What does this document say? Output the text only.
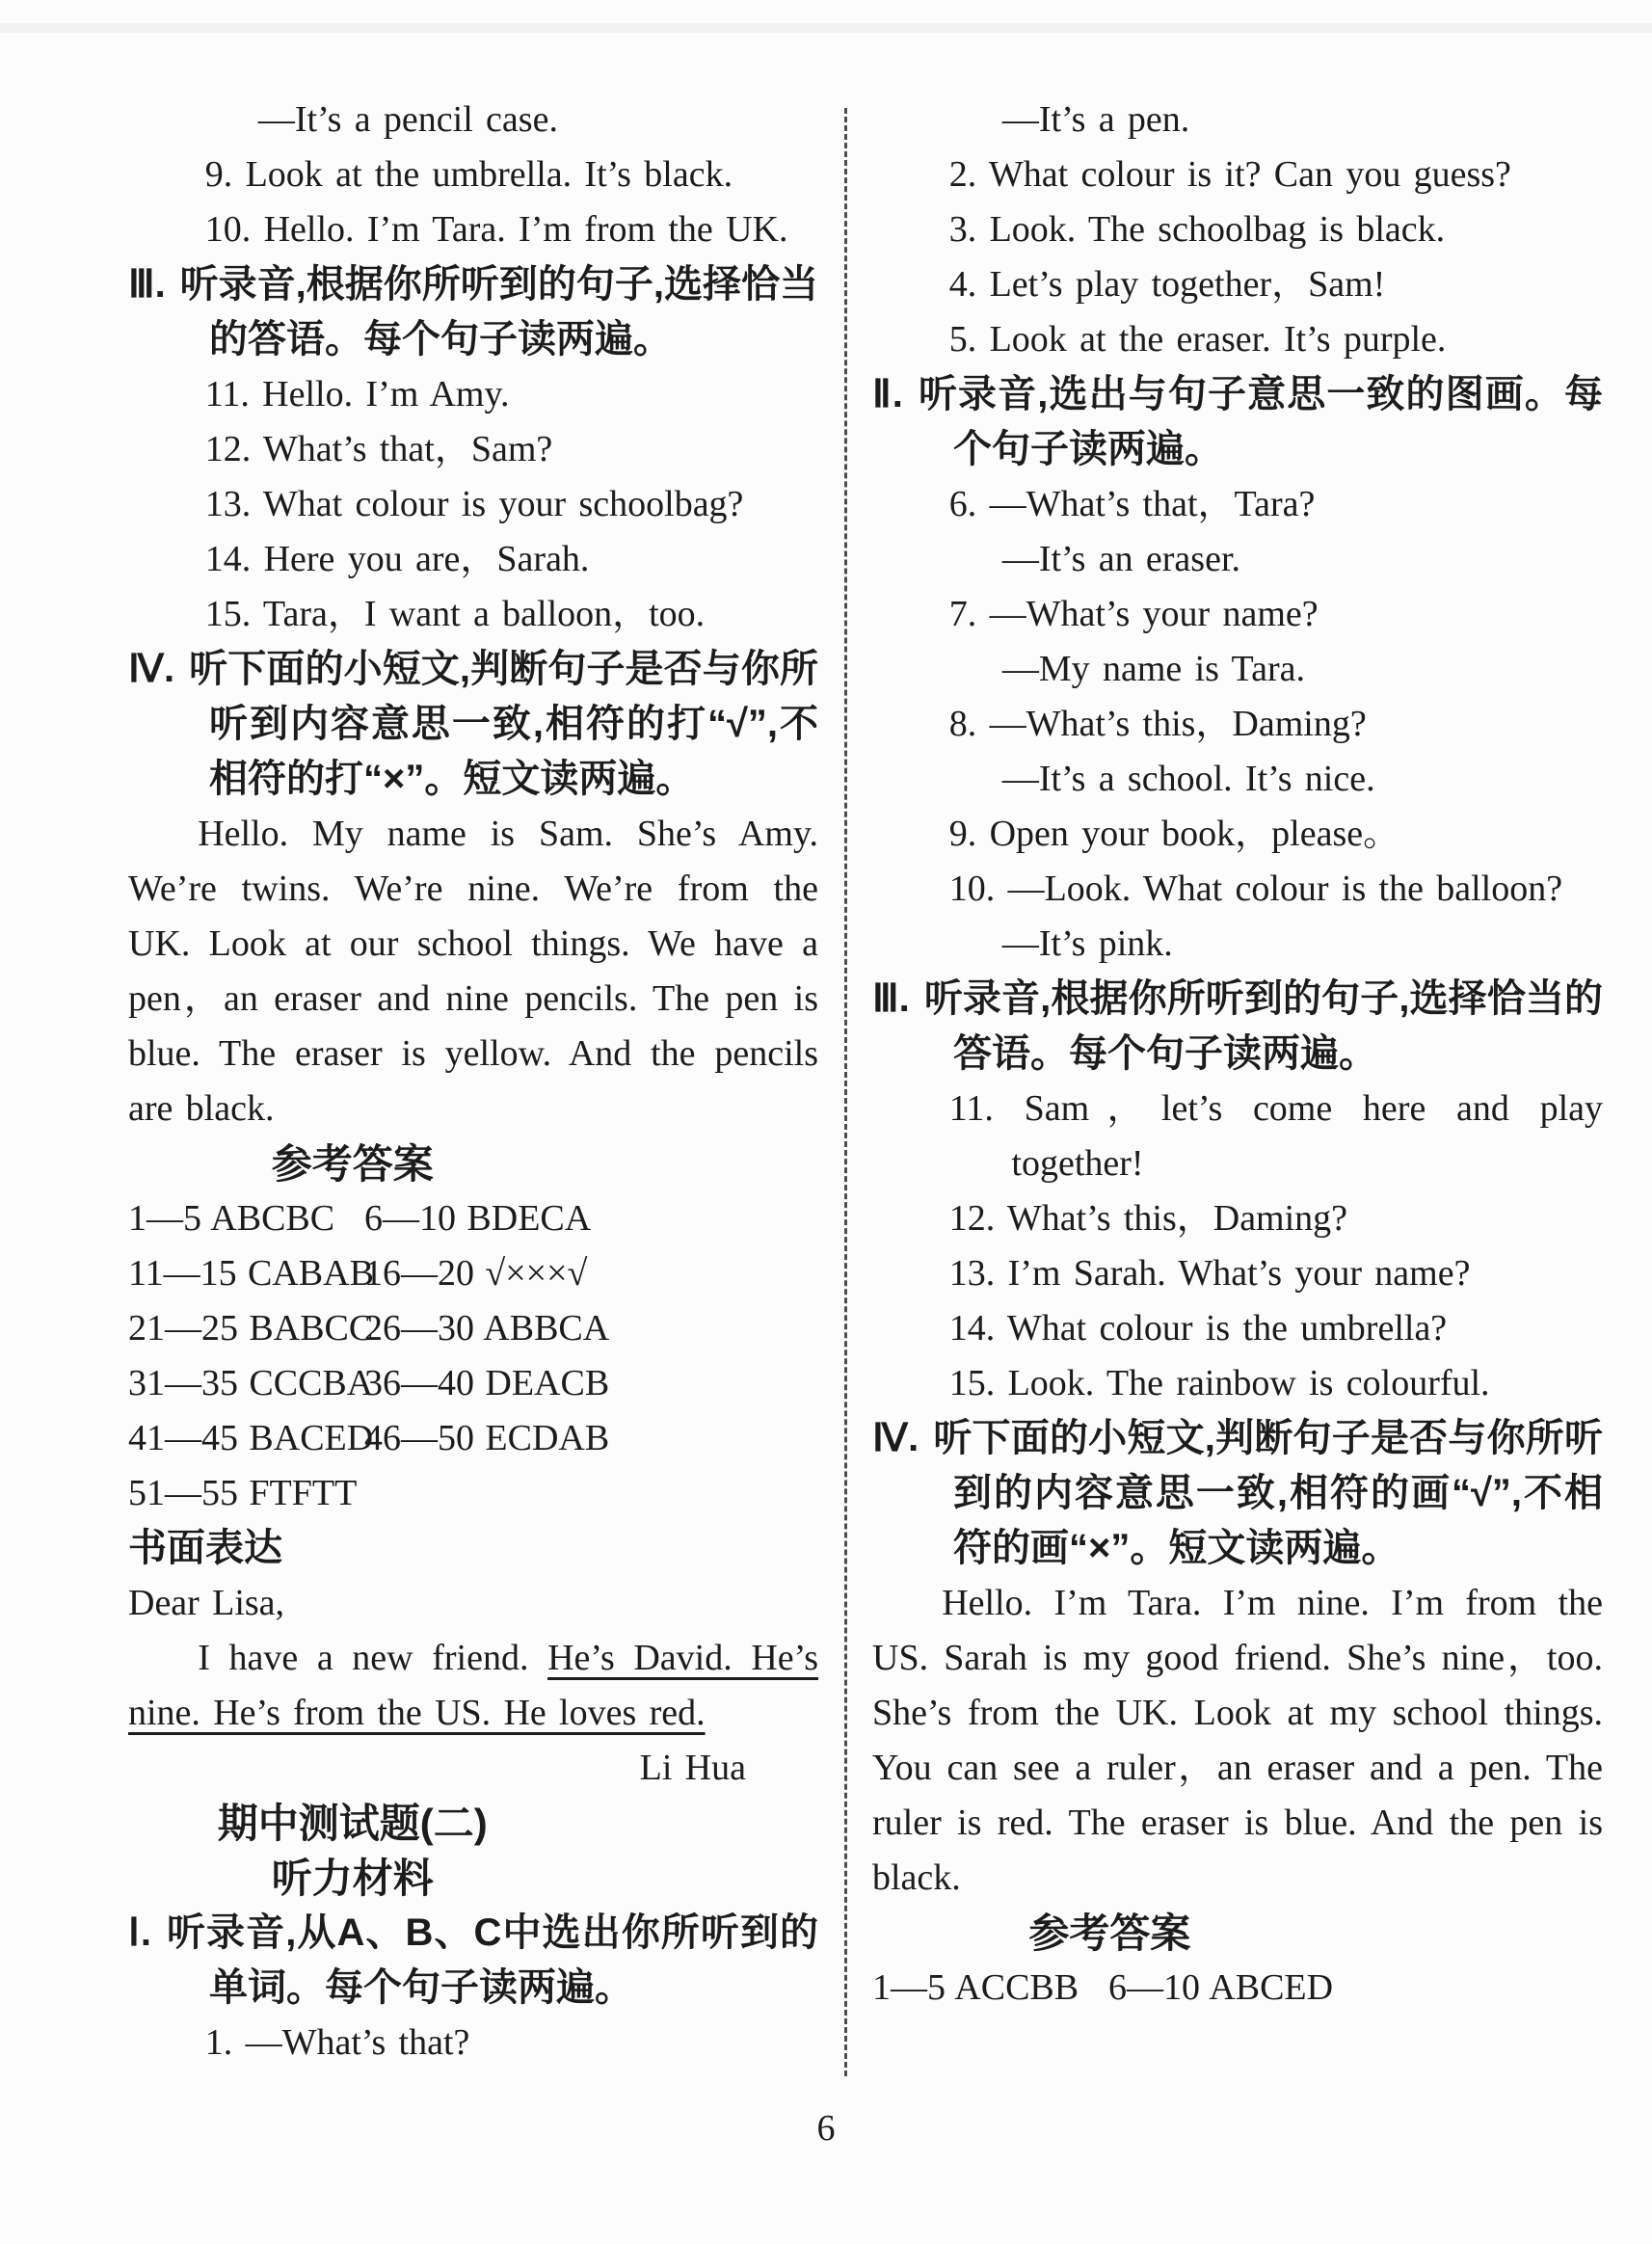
—It’s a pencil case.
9. Look at the umbrella. It’s black.
10. Hello. I’m Tara. I’m from the UK.
Ⅲ. 听录音,根据你所听到的句子,选择恰当的答语。每个句子读两遍。
11. Hello. I’m Amy.
12. What’s that，Sam?
13. What colour is your schoolbag?
14. Here you are，Sarah.
15. Tara，I want a balloon，too.
Ⅳ. 听下面的小短文,判断句子是否与你所听到内容意思一致,相符的打“√”,不相符的打“×”。短文读两遍。
Hello. My name is Sam. She’s Amy. We’re twins. We’re nine. We’re from the UK. Look at our school things. We have a pen，an eraser and nine pencils. The pen is blue. The eraser is yellow. And the pencils are black.
参考答案
1—5 ABCBC 6—10 BDECA
11—15 CABAB
16—20 √×××√
21—25 BABCC
26—30 ABBCA
31—35 CCCBA
36—40 DEACB
41—45 BACED
46—50 ECDAB
51—55 FTFTT
书面表达
Dear Lisa,
I have a new friend. He’s David. He’s nine. He’s from the US. He loves red.
Li Hua
期中测试题(二)
听力材料
Ⅰ. 听录音,从A、B、C中选出你所听到的单词。每个句子读两遍。
1. —What’s that?
—It’s a pen.
2. What colour is it? Can you guess?
3. Look. The schoolbag is black.
4. Let’s play together，Sam!
5. Look at the eraser. It’s purple.
Ⅱ. 听录音,选出与句子意思一致的图画。每个句子读两遍。
6. —What’s that，Tara?
—It’s an eraser.
7. —What’s your name?
—My name is Tara.
8. —What’s this，Daming?
—It’s a school. It’s nice.
9. Open your book，please。
10. —Look. What colour is the balloon?
—It’s pink.
Ⅲ. 听录音,根据你所听到的句子,选择恰当的答语。每个句子读两遍。
11. Sam，let’s come here and play together!
12. What’s this，Daming?
13. I’m Sarah. What’s your name?
14. What colour is the umbrella?
15. Look. The rainbow is colourful.
Ⅳ. 听下面的小短文,判断句子是否与你所听到的内容意思一致,相符的画“√”,不相符的画“×”。短文读两遍。
Hello. I’m Tara. I’m nine. I’m from the US. Sarah is my good friend. She’s nine，too. She’s from the UK. Look at my school things. You can see a ruler，an eraser and a pen. The ruler is red. The eraser is blue. And the pen is black.
参考答案
1—5 ACCBB 6—10 ABCED
6
